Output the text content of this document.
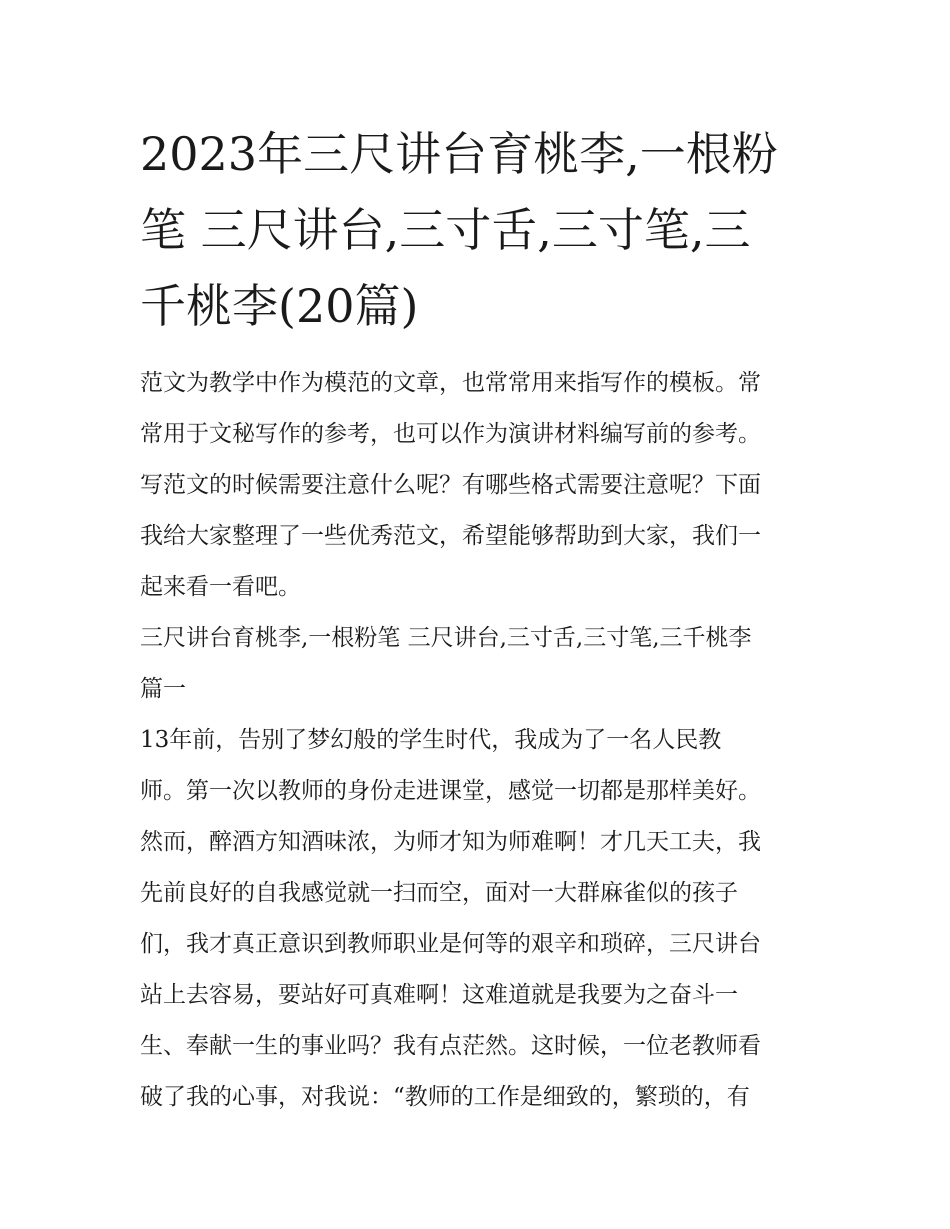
2023年三尺讲台育桃李,一根粉
笔 三尺讲台,三寸舌,三寸笔,三
千桃李(20篇)

范文为教学中作为模范的文章，也常常用来指写作的模板。常
常用于文秘写作的参考，也可以作为演讲材料编写前的参考。
写范文的时候需要注意什么呢？有哪些格式需要注意呢？下面
我给大家整理了一些优秀范文，希望能够帮助到大家，我们一
起来看一看吧。

三尺讲台育桃李,一根粉笔 三尺讲台,三寸舌,三寸笔,三千桃李
篇一

13年前，告别了梦幻般的学生时代，我成为了一名人民教
师。第一次以教师的身份走进课堂，感觉一切都是那样美好。
然而，醉酒方知酒味浓，为师才知为师难啊！才几天工夫，我
先前良好的自我感觉就一扫而空，面对一大群麻雀似的孩子
们，我才真正意识到教师职业是何等的艰辛和琐碎，三尺讲台
站上去容易，要站好可真难啊！这难道就是我要为之奋斗一
生、奉献一生的事业吗？我有点茫然。这时候，一位老教师看
破了我的心事，对我说：“教师的工作是细致的，繁琐的，有
